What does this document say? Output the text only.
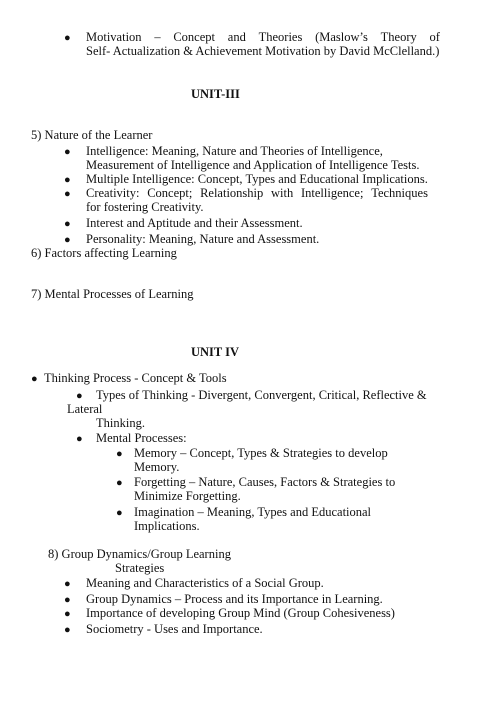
● Motivation – Concept and Theories (Maslow’s Theory of
Self- Actualization & Achievement Motivation by David McClelland.)
UNIT-III
5) Nature of the Learner
● Intelligence: Meaning, Nature and Theories of Intelligence,
Measurement of Intelligence and Application of Intelligence Tests.
● Multiple Intelligence: Concept, Types and Educational Implications.
● Creativity: Concept; Relationship with Intelligence; Techniques
for fostering Creativity.
● Interest and Aptitude and their Assessment.
● Personality: Meaning, Nature and Assessment.
6) Factors affecting Learning
7) Mental Processes of Learning
UNIT IV
● Thinking Process - Concept & Tools
● Types of Thinking - Divergent, Convergent, Critical, Reflective &
Lateral
Thinking.
● Mental Processes:
● Memory – Concept, Types & Strategies to develop
Memory.
● Forgetting – Nature, Causes, Factors & Strategies to
Minimize Forgetting.
● Imagination – Meaning, Types and Educational
Implications.
8) Group Dynamics/Group Learning
Strategies
● Meaning and Characteristics of a Social Group.
● Group Dynamics – Process and its Importance in Learning.
● Importance of developing Group Mind (Group Cohesiveness)
● Sociometry - Uses and Importance.
